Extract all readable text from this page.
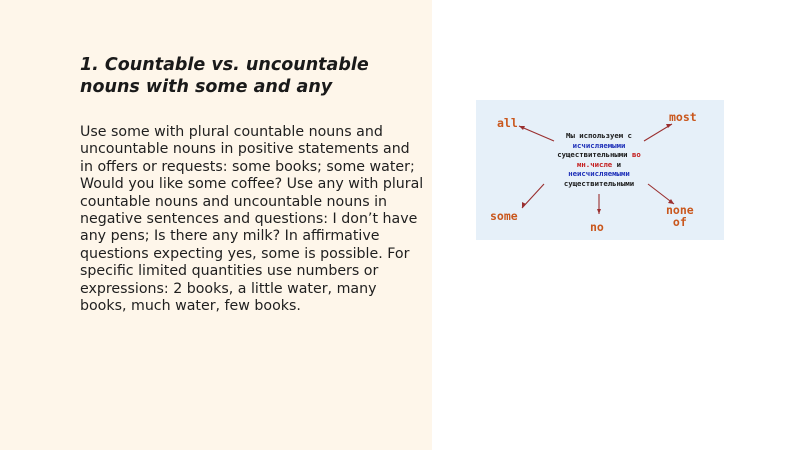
1. Countable vs. uncountable nouns with some and any

Use some with plural countable nouns and uncountable nouns in positive statements and in offers or requests: some books; some water; Would you like some coffee? Use any with plural countable nouns and uncountable nouns in negative sentences and questions: I don’t have any pens; Is there any milk? In affirmative questions expecting yes, some is possible. For specific limited quantities use numbers or expressions: 2 books, a little water, many books, much water, few books.

Мы используем с
исчисляемыми
существительными во
мн.числе и
неисчисляемыми
существительными
all	most
some
no
none
of
